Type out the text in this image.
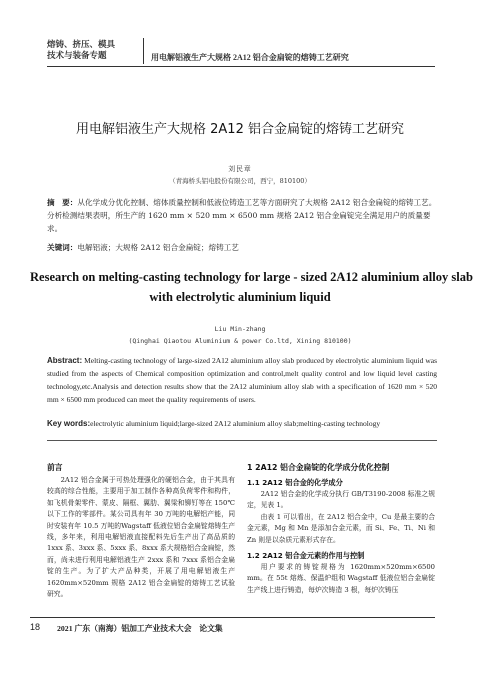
熔铸、挤压、模具
技术与装备专题	用电解铝液生产大规格 2A12 铝合金扁锭的熔铸工艺研究
用电解铝液生产大规格 2A12 铝合金扁锭的熔铸工艺研究
刘民章
（青海桥头铝电股份有限公司，西宁，810100）
摘　要：从化学成分优化控制、熔体质量控制和低液位铸造工艺等方面研究了大规格 2A12 铝合金扁锭的熔铸工艺。分析检测结果表明，所生产的 1620 mm × 520 mm × 6500 mm 规格 2A12 铝合金扁锭完全满足用户的质量要求。
关键词：电解铝液；大规格 2A12 铝合金扁锭；熔铸工艺
Research on melting-casting technology for large - sized 2A12 aluminium alloy slab
with electrolytic aluminium liquid
Liu Min-zhang
(Qinghai Qiaotou Aluminium & power Co.ltd, Xining 810100)
Abstract: Melting-casting technology of large-sized 2A12 aluminium alloy slab produced by electrolytic aluminium liquid was studied from the aspects of Chemical composition optimization and control,melt quality control and low liquid level casting technology,etc.Analysis and detection results show that the 2A12 aluminium alloy slab with a specification of 1620 mm × 520 mm × 6500 mm produced can meet the quality requirements of users.
Key words:electrolytic aluminium liquid;large-sized 2A12 aluminium alloy slab;melting-casting technology
前言

2A12 铝合金属于可热处理强化的硬铝合金，由于其具有较高的综合性能，主要用于加工制作各种高负荷零件和构件，如飞机骨架零件、蒙皮、隔框、翼肋、翼梁和铆钉等在 150℃以下工作的零部件。某公司具有年 30 万吨的电解铝产能，同时安装有年 10.5 万吨的Wagstaff 低液位铝合金扁锭熔铸生产线，多年来，利用电解铝液直接配料先后生产出了高品质的 1xxx 系、3xxx 系、5xxx 系、8xxx 系大规格铝合金扁锭，然而，尚未进行利用电解铝液生产 2xxx 系和 7xxx 系铝合金扁锭的生产。为了扩大产品种类，开展了用电解铝液生产1620mm×520mm 规格 2A12 铝合金扁锭的熔铸工艺试验研究。

1 2A12 铝合金扁锭的化学成分优化控制
1.1 2A12 铝合金的化学成分

2A12 铝合金的化学成分执行 GB/T3190-2008 标准之规定，见表 1。

由表 1 可以看出，在 2A12 铝合金中，Cu 是最主要的合金元素，Mg 和 Mn 是添加合金元素，而 Si、Fe、Ti、Ni 和 Zn 则是以杂质元素形式存在。

1.2 2A12 铝合金元素的作用与控制

用户要求的铸锭规格为 1620mm×520mm×6500 mm。在 55t 熔炼、保温炉组和 Wagstaff 低液位铝合金扁锭生产线上进行铸造，每炉次铸造 3 根，每炉次铸压

18 2021 广东（南海）铝加工产业技术大会　论文集
